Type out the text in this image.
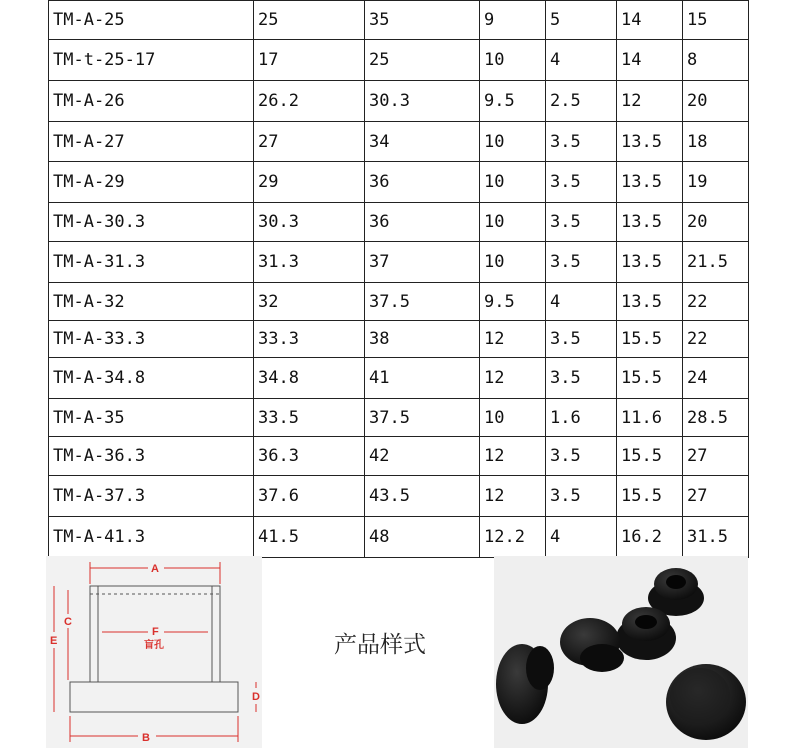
TM-A-25	25	35	9	5	14	15
TM-t-25-17	17	25	10	4	14	8
TM-A-26	26.2	30.3	9.5	2.5	12	20
TM-A-27	27	34	10	3.5	13.5	18
TM-A-29	29	36	10	3.5	13.5	19
TM-A-30.3	30.3	36	10	3.5	13.5	20
TM-A-31.3	31.3	37	10	3.5	13.5	21.5
TM-A-32	32	37.5	9.5	4	13.5	22
TM-A-33.3	33.3	38	12	3.5	15.5	22
TM-A-34.8	34.8	41	12	3.5	15.5	24
TM-A-35	33.5	37.5	10	1.6	11.6	28.5
TM-A-36.3	36.3	42	12	3.5	15.5	27
TM-A-37.3	37.6	43.5	12	3.5	15.5	27
TM-A-41.3	41.5	48	12.2	4	16.2	31.5
A
B
C
D
E
F
盲孔	产品样式
